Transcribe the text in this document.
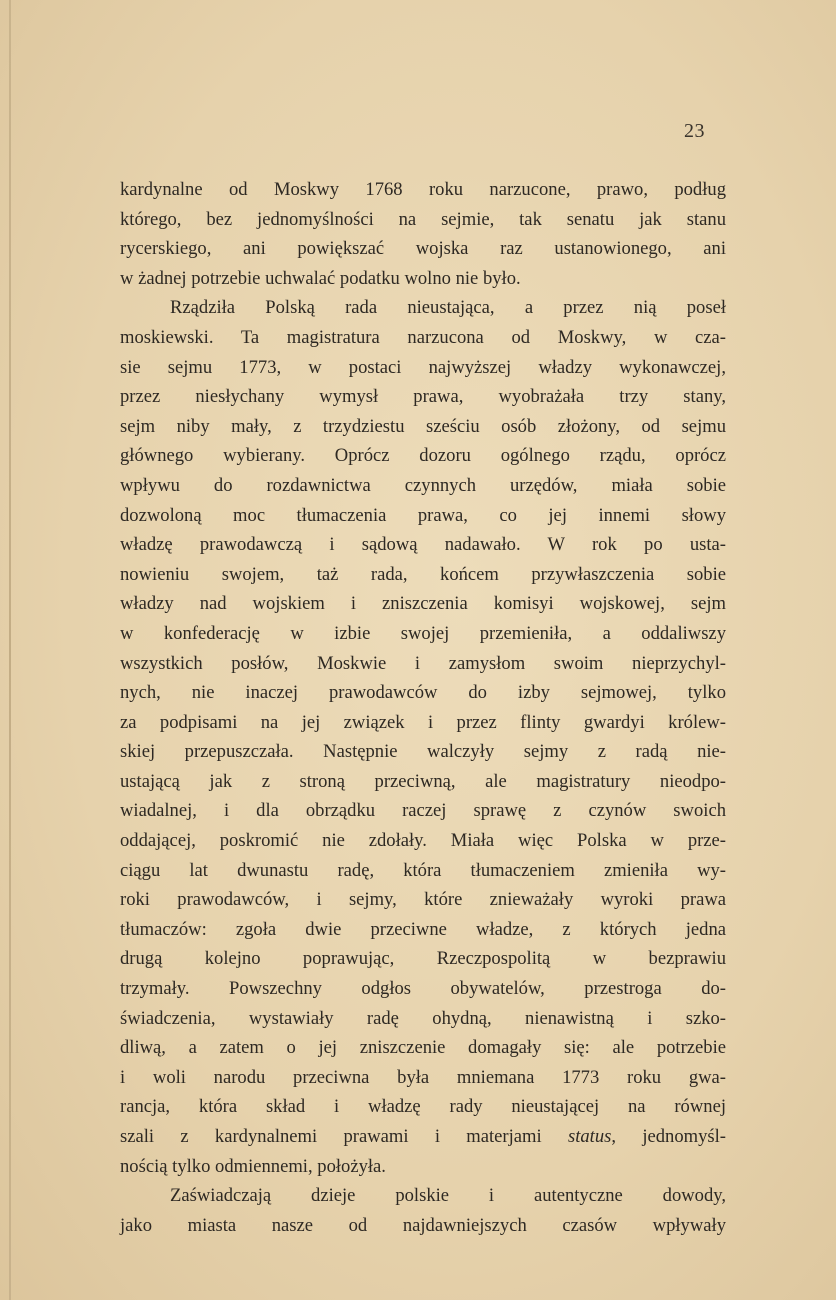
23
kardynalne od Moskwy 1768 roku narzucone, prawo, podług
którego, bez jednomyślności na sejmie, tak senatu jak stanu
rycerskiego, ani powiększać wojska raz ustanowionego, ani
w żadnej potrzebie uchwalać podatku wolno nie było.
Rządziła Polską rada nieustająca, a przez nią poseł
moskiewski. Ta magistratura narzucona od Moskwy, w cza-
sie sejmu 1773, w postaci najwyższej władzy wykonawczej,
przez niesłychany wymysł prawa, wyobrażała trzy stany,
sejm niby mały, z trzydziestu sześciu osób złożony, od sejmu
głównego wybierany. Oprócz dozoru ogólnego rządu, oprócz
wpływu do rozdawnictwa czynnych urzędów, miała sobie
dozwoloną moc tłumaczenia prawa, co jej innemi słowy
władzę prawodawczą i sądową nadawało. W rok po usta-
nowieniu swojem, taż rada, końcem przywłaszczenia sobie
władzy nad wojskiem i zniszczenia komisyi wojskowej, sejm
w konfederację w izbie swojej przemieniła, a oddaliwszy
wszystkich posłów, Moskwie i zamysłom swoim nieprzychyl-
nych, nie inaczej prawodawców do izby sejmowej, tylko
za podpisami na jej związek i przez flinty gwardyi królew-
skiej przepuszczała. Następnie walczyły sejmy z radą nie-
ustającą jak z stroną przeciwną, ale magistratury nieodpo-
wiadalnej, i dla obrządku raczej sprawę z czynów swoich
oddającej, poskromić nie zdołały. Miała więc Polska w prze-
ciągu lat dwunastu radę, która tłumaczeniem zmieniła wy-
roki prawodawców, i sejmy, które znieważały wyroki prawa
tłumaczów: zgoła dwie przeciwne władze, z których jedna
drugą kolejno poprawując, Rzeczpospolitą w bezprawiu
trzymały. Powszechny odgłos obywatelów, przestroga do-
świadczenia, wystawiały radę ohydną, nienawistną i szko-
dliwą, a zatem o jej zniszczenie domagały się: ale potrzebie
i woli narodu przeciwna była mniemana 1773 roku gwa-
rancja, która skład i władzę rady nieustającej na równej
szali z kardynalnemi prawami i materjami status, jednomyśl-
nością tylko odmiennemi, położyła.
Zaświadczają dzieje polskie i autentyczne dowody,
jako miasta nasze od najdawniejszych czasów wpływały
